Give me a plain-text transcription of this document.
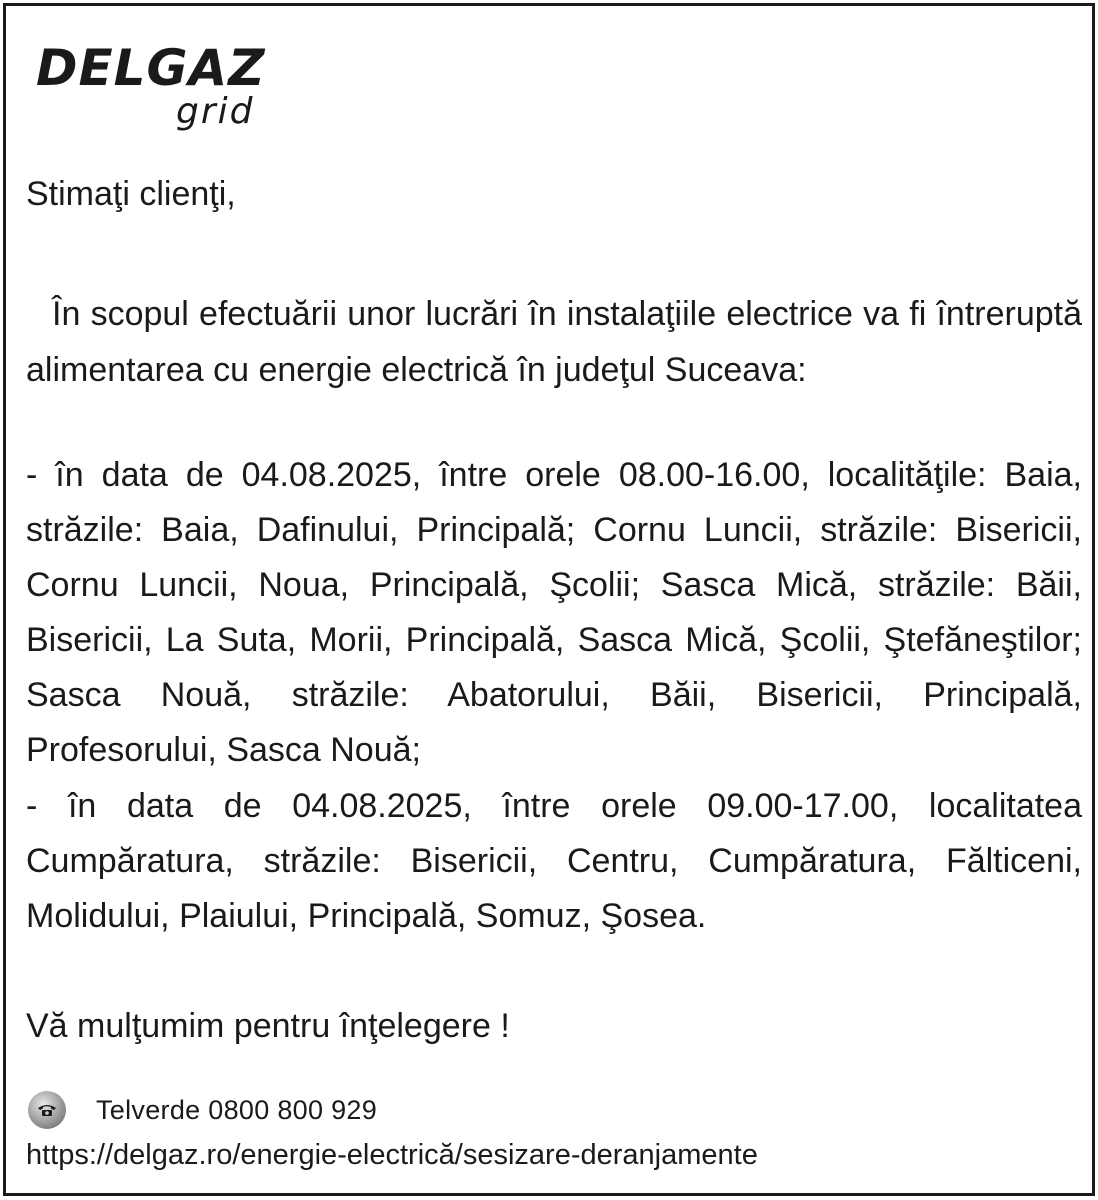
DELGAZ
grid

Stimaţi clienţi,

În scopul efectuării unor lucrări în instalaţiile electrice va fi întreruptă alimentarea cu energie electrică în judeţul Suceava:

- în data de 04.08.2025, între orele 08.00-16.00, localităţile: Baia, străzile: Baia, Dafinului, Principală; Cornu Luncii, străzile: Bisericii, Cornu Luncii, Noua, Principală, Şcolii; Sasca Mică, străzile: Băii, Bisericii, La Suta, Morii, Principală, Sasca Mică, Şcolii, Ştefăneştilor; Sasca Nouă, străzile: Abatorului, Băii, Bisericii, Principală, Profesorului, Sasca Nouă;

- în data de 04.08.2025, între orele 09.00-17.00, localitatea Cumpăratura, străzile: Bisericii, Centru, Cumpăratura, Fălticeni, Molidului, Plaiului, Principală, Somuz, Şosea.

Vă mulţumim pentru înţelegere !

Telverde 0800 800 929
https://delgaz.ro/energie-electrică/sesizare-deranjamente
